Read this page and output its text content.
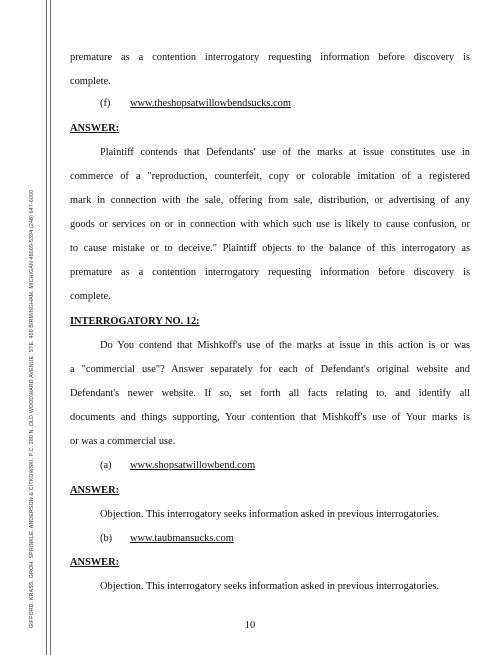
GIFFORD, KRASS, GROH, SPRINKLE, ANDERSON & CITKOWSKI, P.C. 280 N. OLD WOODWARD AVENUE, STE. 400 BIRMINGHAM, MICHIGAN 48009-5394 (248) 647-6000
premature as a contention interrogatory requesting information before discovery is
complete.
(f) www.theshopsatwillowbendsucks.com
ANSWER:
Plaintiff contends that Defendants' use of the marks at issue constitutes use in
commerce of a "reproduction, counterfeit, copy or colorable imitation of a registered
mark in connection with the sale, offering from sale, distribution, or advertising of any
goods or services on or in connection with which such use is likely to cause confusion, or
to cause mistake or to deceive." Plaintiff objects to the balance of this interrogatory as
premature as a contention interrogatory requesting information before discovery is
complete.
INTERROGATORY NO. 12:
Do You contend that Mishkoff's use of the marks at issue in this action is or was
a "commercial use"? Answer separately for each of Defendant's original website and
Defendant's newer website. If so, set forth all facts relating to, and identify all
documents and things supporting, Your contention that Mishkoff's use of Your marks is
or was a commercial use.
(a) www.shopsatwillowbend.com
ANSWER:
Objection. This interrogatory seeks information asked in previous interrogatories.
(b) www.taubmansucks.com
ANSWER:
Objection. This interrogatory seeks information asked in previous interrogatories.
10
